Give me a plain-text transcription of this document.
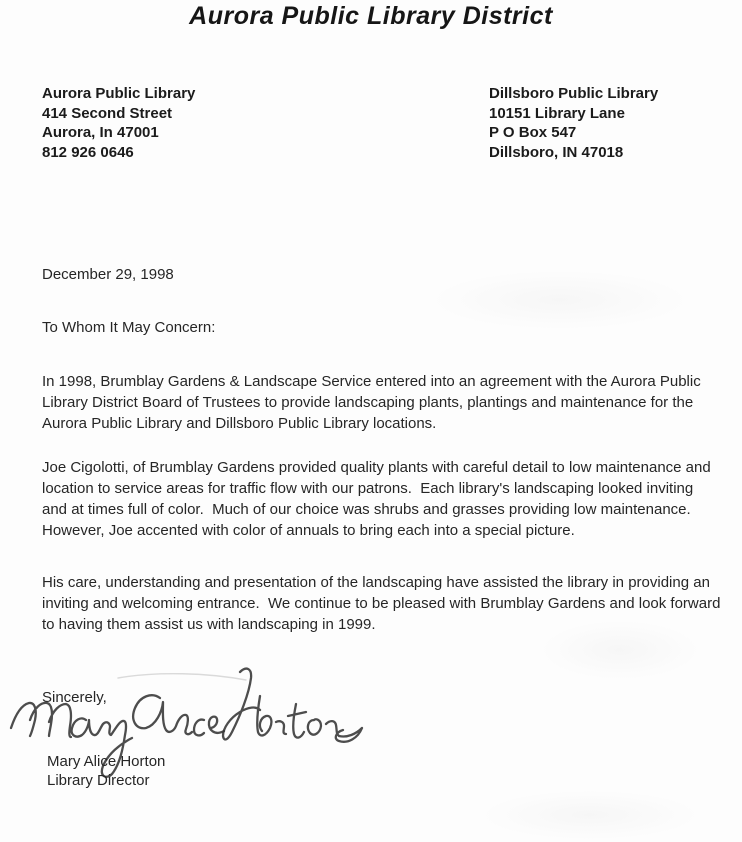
Aurora Public Library District
Aurora Public Library
414 Second Street
Aurora, In 47001
812 926 0646
Dillsboro Public Library
10151 Library Lane
P O Box 547
Dillsboro, IN 47018

December 29, 1998

To Whom It May Concern:

In 1998, Brumblay Gardens & Landscape Service entered into an agreement with the Aurora Public Library District Board of Trustees to provide landscaping plants, plantings and maintenance for the Aurora Public Library and Dillsboro Public Library locations.

Joe Cigolotti, of Brumblay Gardens provided quality plants with careful detail to low maintenance and location to service areas for traffic flow with our patrons.  Each library's landscaping looked inviting and at times full of color.  Much of our choice was shrubs and grasses providing low maintenance.  However, Joe accented with color of annuals to bring each into a special picture.

His care, understanding and presentation of the landscaping have assisted the library in providing an inviting and welcoming entrance.  We continue to be pleased with Brumblay Gardens and look forward to having them assist us with landscaping in 1999.

Sincerely,

Mary Alice Horton

Library Director
